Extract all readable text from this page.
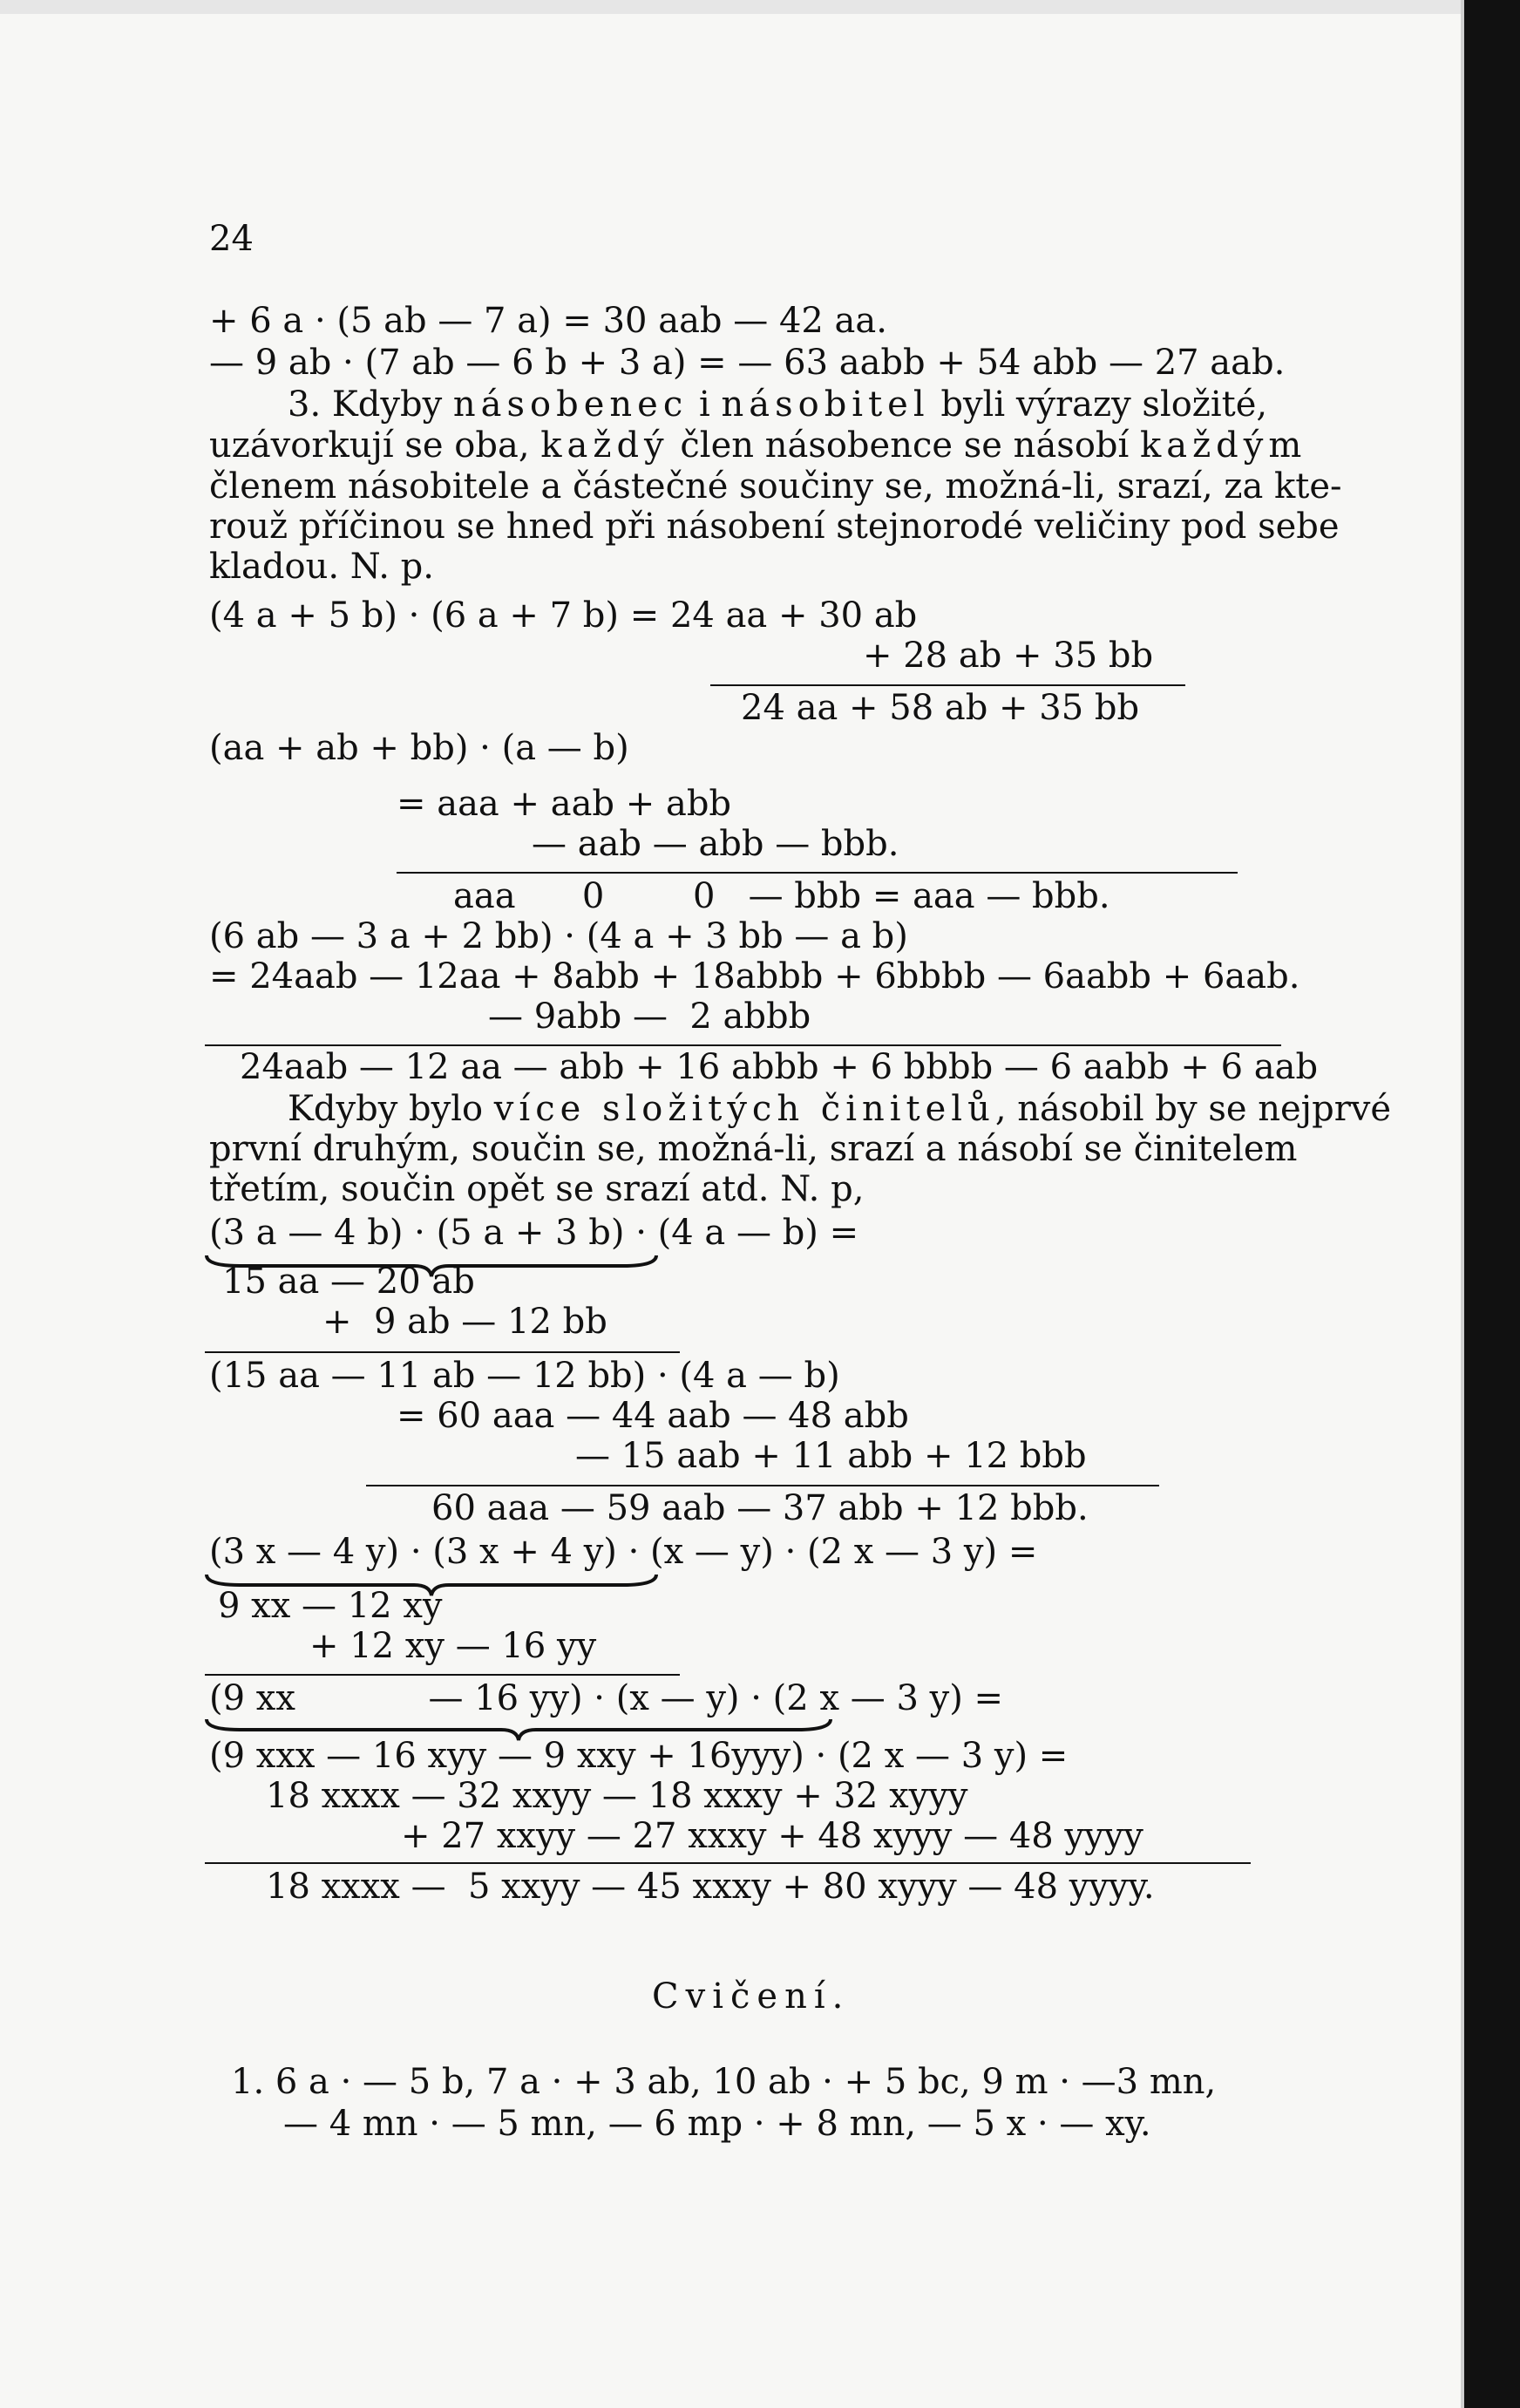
24
+ 6 a · (5 ab — 7 a) = 30 aab — 42 aa.
— 9 ab · (7 ab — 6 b + 3 a) = — 63 aabb + 54 abb — 27 aab.
3. Kdyby násobenec i násobitel byli výrazy složité,
uzávorkují se oba, každý člen násobence se násobí každým
členem násobitele a částečné součiny se, možná-li, srazí, za kte-
rouž příčinou se hned při násobení stejnorodé veličiny pod sebe
kladou. N. p.
(4 a + 5 b) · (6 a + 7 b) = 24 aa + 30 ab
+ 28 ab + 35 bb
24 aa + 58 ab + 35 bb
(aa + ab + bb) · (a — b)
= aaa + aab + abb
— aab — abb — bbb.
aaa      0        0   — bbb = aaa — bbb.
(6 ab — 3 a + 2 bb) · (4 a + 3 bb — a b)
= 24aab — 12aa + 8abb + 18abbb + 6bbbb — 6aabb + 6aab.
— 9abb —  2 abbb
24aab — 12 aa — abb + 16 abbb + 6 bbbb — 6 aabb + 6 aab
Kdyby bylo více složitých činitelů, násobil by se nejprvé
první druhým, součin se, možná-li, srazí a násobí se činitelem
třetím, součin opět se srazí atd. N. p,
(3 a — 4 b) · (5 a + 3 b) · (4 a — b) =
15 aa — 20 ab
+  9 ab — 12 bb
(15 aa — 11 ab — 12 bb) · (4 a — b)
= 60 aaa — 44 aab — 48 abb
— 15 aab + 11 abb + 12 bbb
60 aaa — 59 aab — 37 abb + 12 bbb.
(3 x — 4 y) · (3 x + 4 y) · (x — y) · (2 x — 3 y) =
9 xx — 12 xy
+ 12 xy — 16 yy
(9 xx            — 16 yy) · (x — y) · (2 x — 3 y) =
(9 xxx — 16 xyy — 9 xxy + 16yyy) · (2 x — 3 y) =
18 xxxx — 32 xxyy — 18 xxxy + 32 xyyy
+ 27 xxyy — 27 xxxy + 48 xyyy — 48 yyyy
18 xxxx —  5 xxyy — 45 xxxy + 80 xyyy — 48 yyyy.
Cvičení.
1. 6 a · — 5 b, 7 a · + 3 ab, 10 ab · + 5 bc, 9 m · —3 mn,
— 4 mn · — 5 mn, — 6 mp · + 8 mn, — 5 x · — xy.
